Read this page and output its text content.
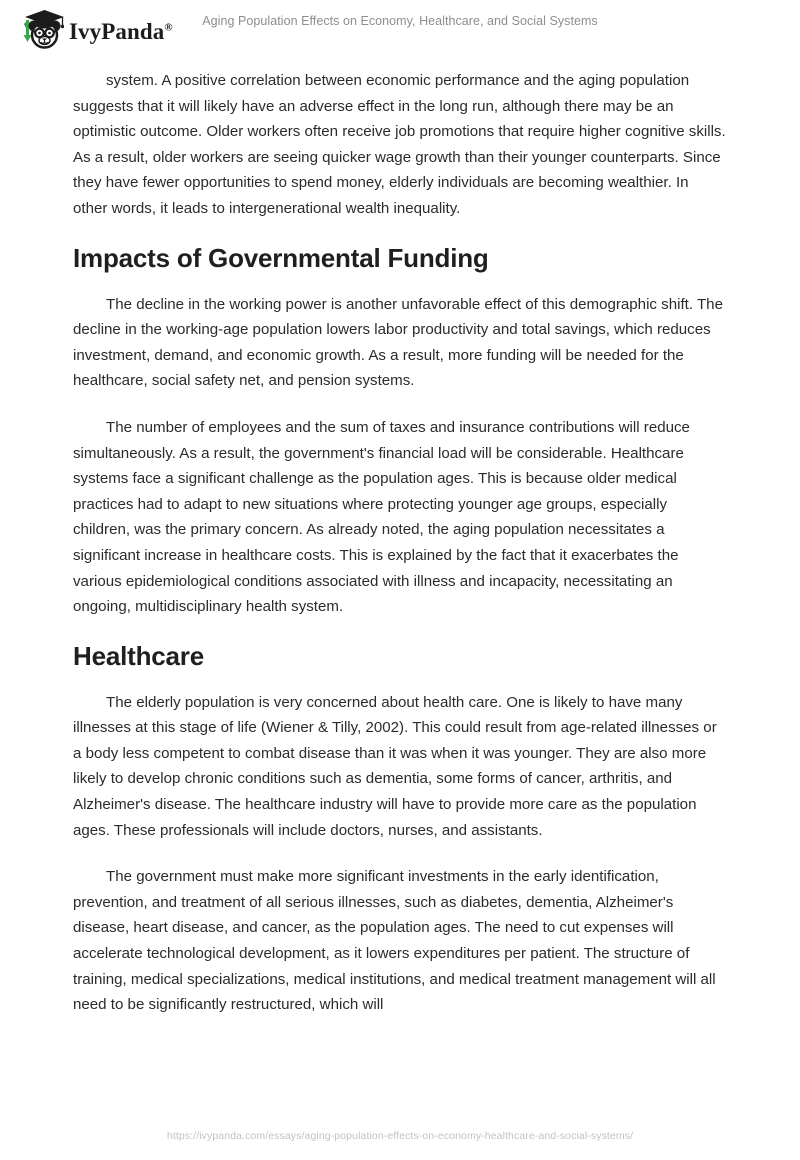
IvyPanda®	Aging Population Effects on Economy, Healthcare, and Social Systems

system. A positive correlation between economic performance and the aging population suggests that it will likely have an adverse effect in the long run, although there may be an optimistic outcome. Older workers often receive job promotions that require higher cognitive skills. As a result, older workers are seeing quicker wage growth than their younger counterparts. Since they have fewer opportunities to spend money, elderly individuals are becoming wealthier. In other words, it leads to intergenerational wealth inequality.

Impacts of Governmental Funding

The decline in the working power is another unfavorable effect of this demographic shift. The decline in the working-age population lowers labor productivity and total savings, which reduces investment, demand, and economic growth. As a result, more funding will be needed for the healthcare, social safety net, and pension systems.

The number of employees and the sum of taxes and insurance contributions will reduce simultaneously. As a result, the government's financial load will be considerable. Healthcare systems face a significant challenge as the population ages. This is because older medical practices had to adapt to new situations where protecting younger age groups, especially children, was the primary concern. As already noted, the aging population necessitates a significant increase in healthcare costs. This is explained by the fact that it exacerbates the various epidemiological conditions associated with illness and incapacity, necessitating an ongoing, multidisciplinary health system.

Healthcare

The elderly population is very concerned about health care. One is likely to have many illnesses at this stage of life (Wiener & Tilly, 2002). This could result from age-related illnesses or a body less competent to combat disease than it was when it was younger. They are also more likely to develop chronic conditions such as dementia, some forms of cancer, arthritis, and Alzheimer's disease. The healthcare industry will have to provide more care as the population ages. These professionals will include doctors, nurses, and assistants.

The government must make more significant investments in the early identification, prevention, and treatment of all serious illnesses, such as diabetes, dementia, Alzheimer's disease, heart disease, and cancer, as the population ages. The need to cut expenses will accelerate technological development, as it lowers expenditures per patient. The structure of training, medical specializations, medical institutions, and medical treatment management will all need to be significantly restructured, which will

https://ivypanda.com/essays/aging-population-effects-on-economy-healthcare-and-social-systems/
